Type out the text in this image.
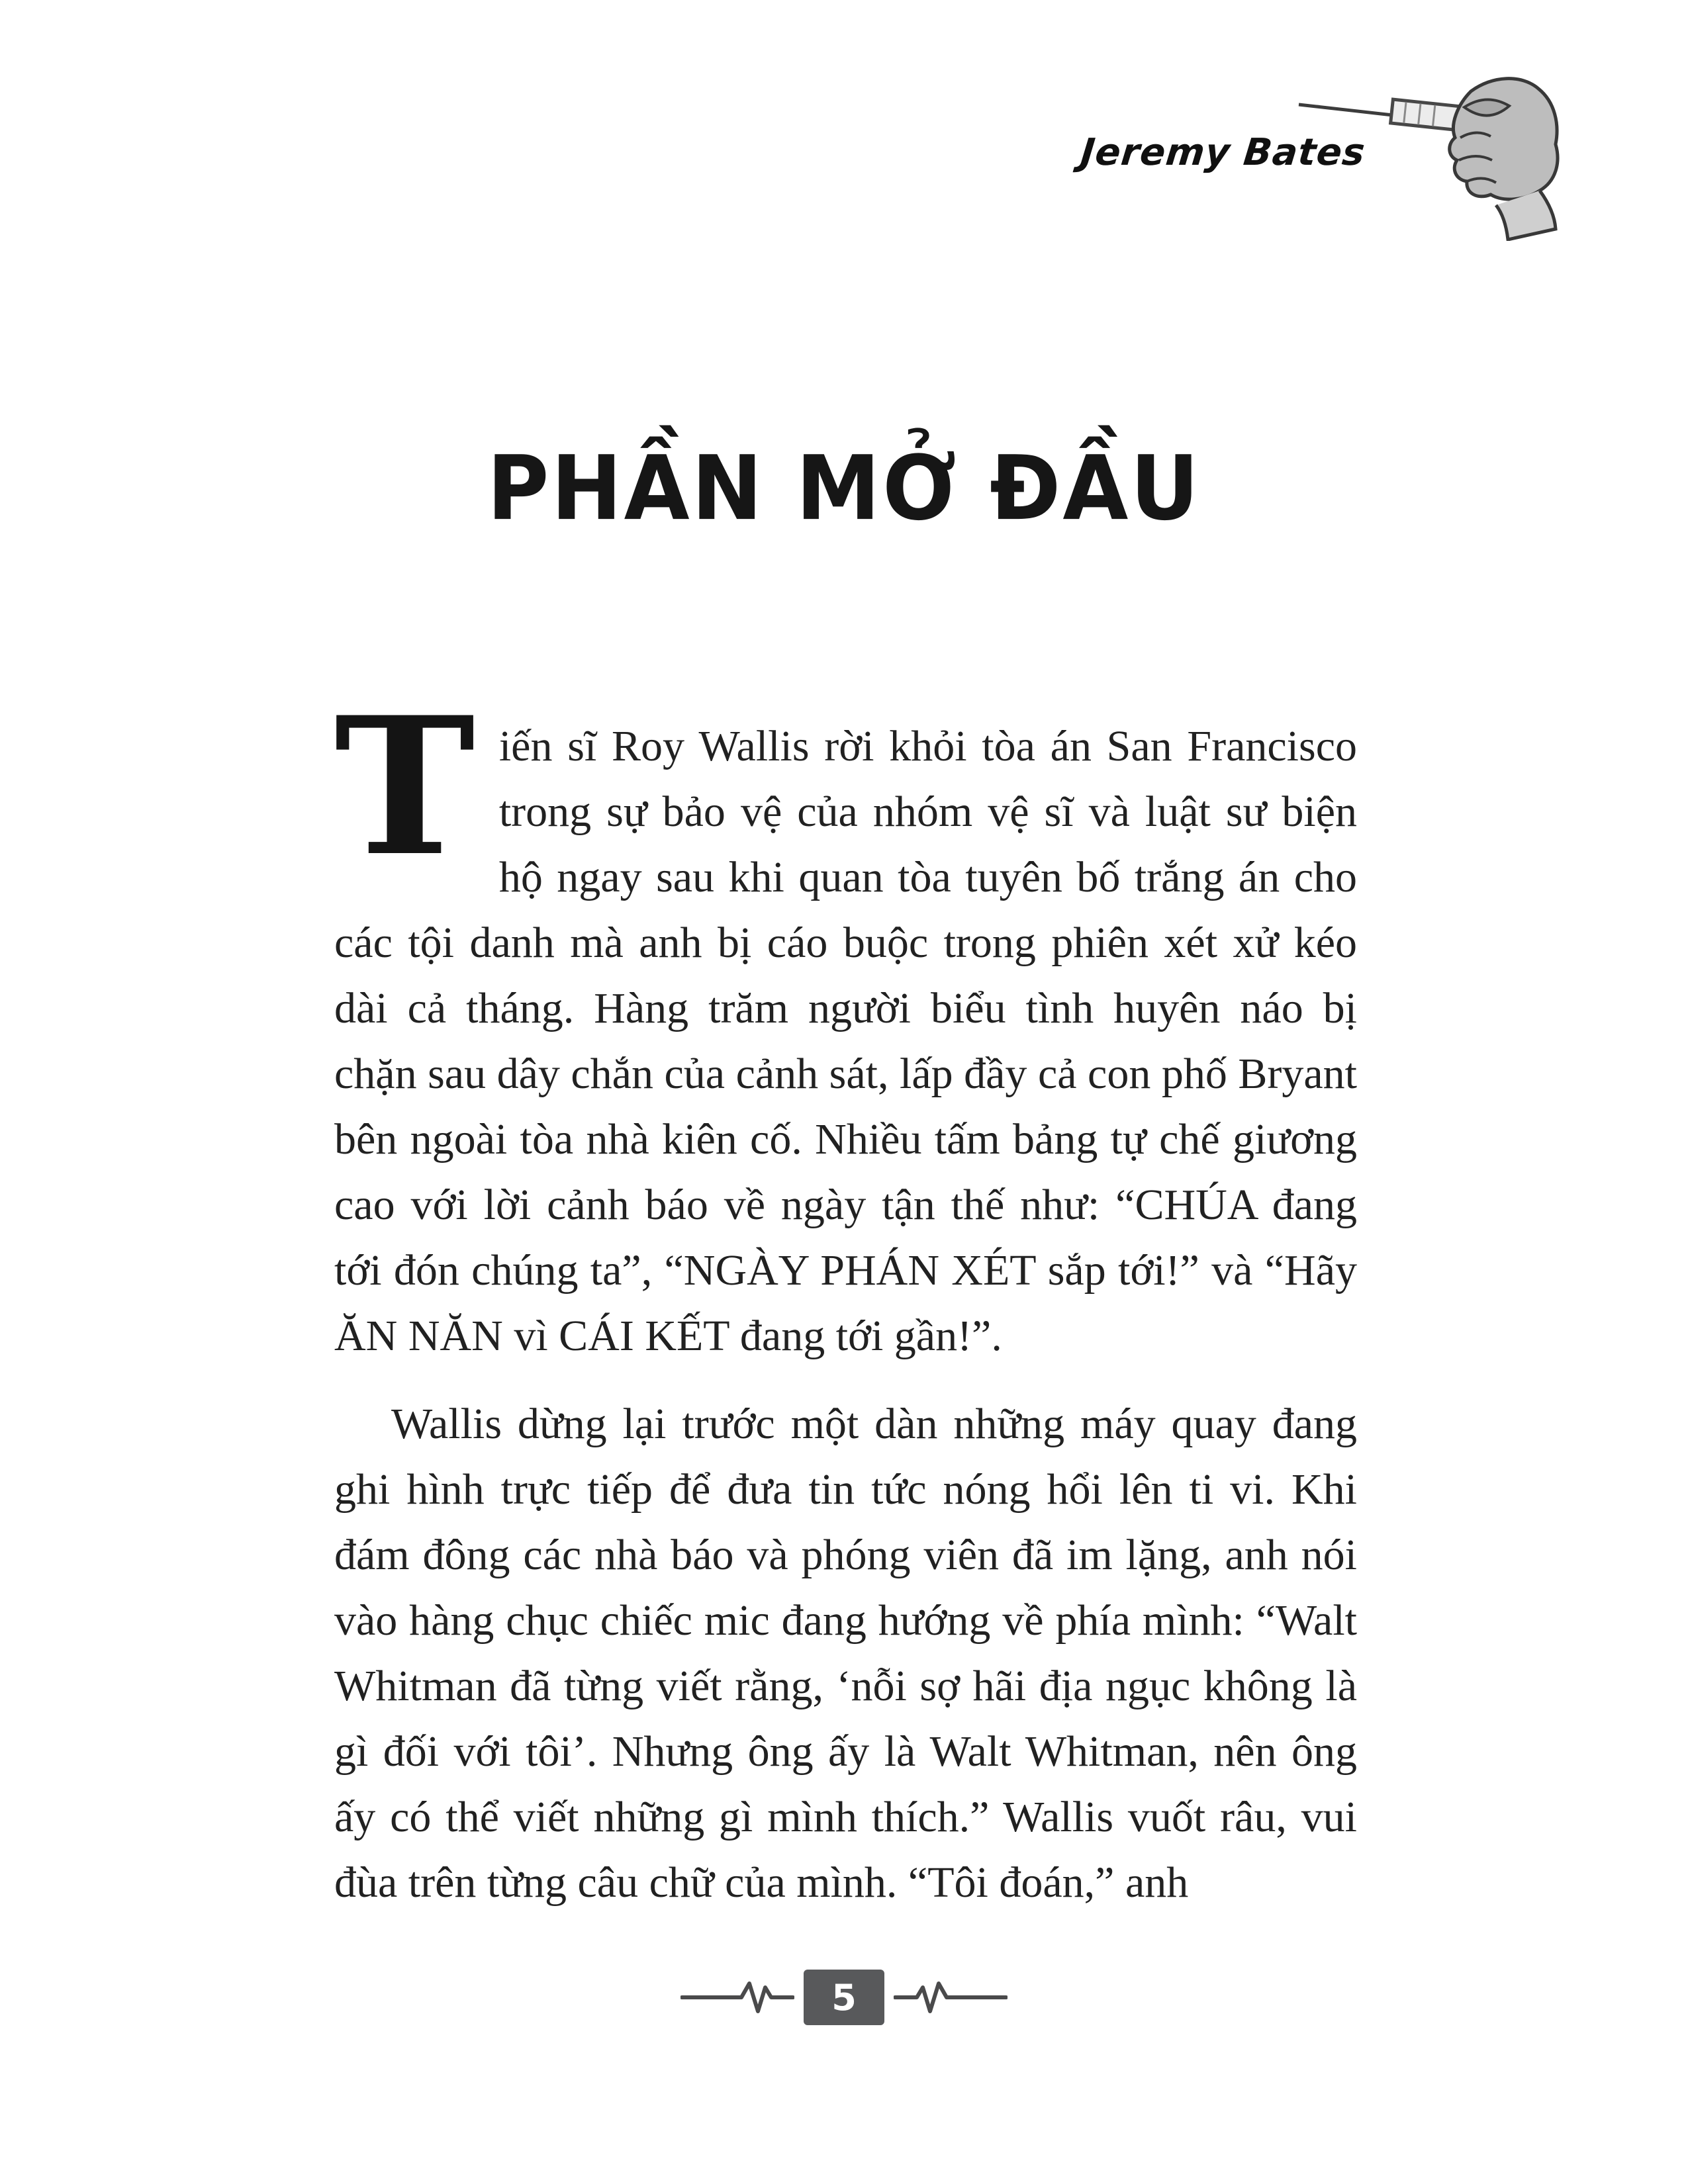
Jeremy Bates
PHẦN MỞ ĐẦU

Tiến sĩ Roy Wallis rời khỏi tòa án San Francisco trong sự bảo vệ của nhóm vệ sĩ và luật sư biện hộ ngay sau khi quan tòa tuyên bố trắng án cho các tội danh mà anh bị cáo buộc trong phiên xét xử kéo dài cả tháng. Hàng trăm người biểu tình huyên náo bị chặn sau dây chắn của cảnh sát, lấp đầy cả con phố Bryant bên ngoài tòa nhà kiên cố. Nhiều tấm bảng tự chế giương cao với lời cảnh báo về ngày tận thế như: “CHÚA đang tới đón chúng ta”, “NGÀY PHÁN XÉT sắp tới!” và “Hãy ĂN NĂN vì CÁI KẾT đang tới gần!”.

Wallis dừng lại trước một dàn những máy quay đang ghi hình trực tiếp để đưa tin tức nóng hổi lên ti vi. Khi đám đông các nhà báo và phóng viên đã im lặng, anh nói vào hàng chục chiếc mic đang hướng về phía mình: “Walt Whitman đã từng viết rằng, ‘nỗi sợ hãi địa ngục không là gì đối với tôi’. Nhưng ông ấy là Walt Whitman, nên ông ấy có thể viết những gì mình thích.” Wallis vuốt râu, vui đùa trên từng câu chữ của mình. “Tôi đoán,” anh

5
